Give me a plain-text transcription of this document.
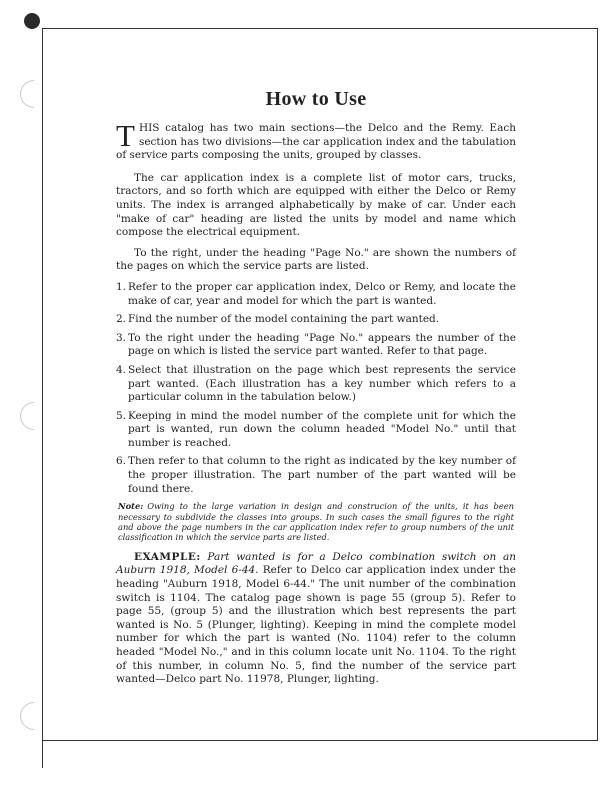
How to Use

THIS catalog has two main sections—the Delco and the Remy. Each section has two divisions—the car application index and the tabulation of service parts composing the units, grouped by classes.

The car application index is a complete list of motor cars, trucks, tractors, and so forth which are equipped with either the Delco or Remy units. The index is arranged alphabetically by make of car. Under each "make of car" heading are listed the units by model and name which compose the electrical equipment.

To the right, under the heading "Page No." are shown the numbers of the pages on which the service parts are listed.

1. Refer to the proper car application index, Delco or Remy, and locate the make of car, year and model for which the part is wanted.
2. Find the number of the model containing the part wanted.
3. To the right under the heading "Page No." appears the number of the page on which is listed the service part wanted. Refer to that page.
4. Select that illustration on the page which best represents the service part wanted. (Each illustration has a key number which refers to a particular column in the tabulation below.)
5. Keeping in mind the model number of the complete unit for which the part is wanted, run down the column headed "Model No." until that number is reached.
6. Then refer to that column to the right as indicated by the key number of the proper illustration. The part number of the part wanted will be found there.

Note: Owing to the large variation in design and construcion of the units, it has been necessary to subdivide the classes into groups. In such cases the small figures to the right and above the page numbers in the car application index refer to group numbers of the unit classification in which the service parts are listed.

EXAMPLE: Part wanted is for a Delco combination switch on an Auburn 1918, Model 6-44. Refer to Delco car application index under the heading "Auburn 1918, Model 6-44." The unit number of the combination switch is 1104. The catalog page shown is page 55 (group 5). Refer to page 55, (group 5) and the illustration which best represents the part wanted is No. 5 (Plunger, lighting). Keeping in mind the complete model number for which the part is wanted (No. 1104) refer to the column headed "Model No.," and in this column locate unit No. 1104. To the right of this number, in column No. 5, find the number of the service part wanted—Delco part No. 11978, Plunger, lighting.
